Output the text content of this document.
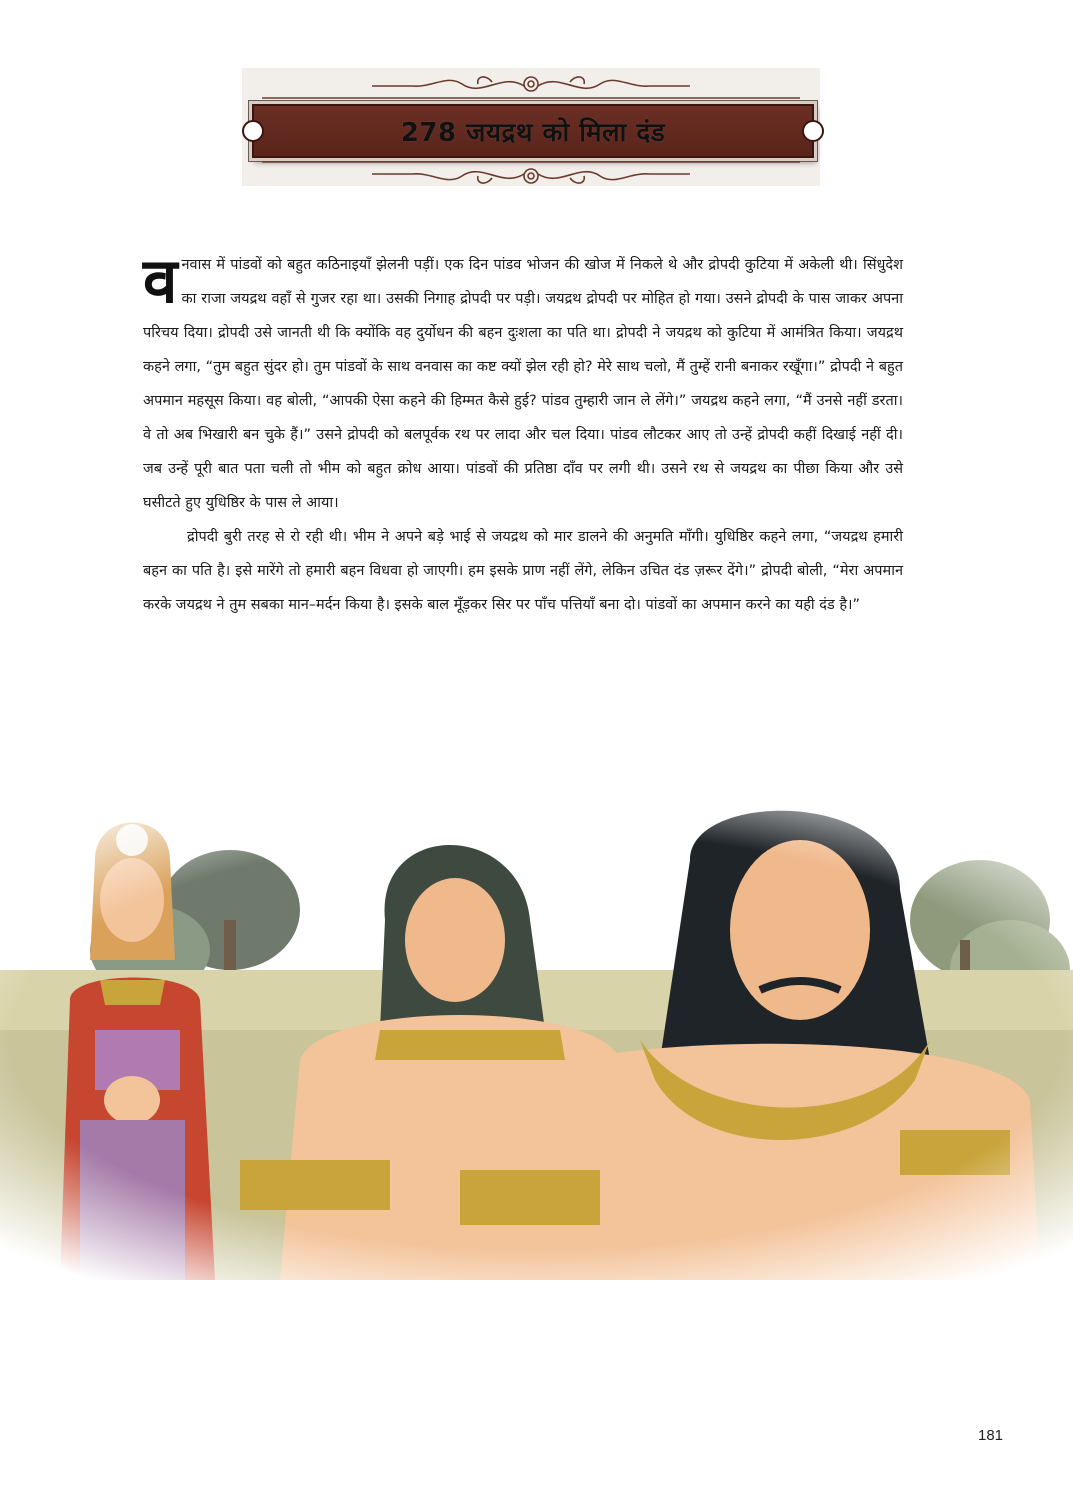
278 जयद्रथ को मिला दंड

वनवास में पांडवों को बहुत कठिनाइयाँ झेलनी पड़ीं। एक दिन पांडव भोजन की खोज में निकले थे और द्रोपदी कुटिया में अकेली थी। सिंधुदेश का राजा जयद्रथ वहाँ से गुजर रहा था। उसकी निगाह द्रोपदी पर पड़ी। जयद्रथ द्रोपदी पर मोहित हो गया। उसने द्रोपदी के पास जाकर अपना परिचय दिया। द्रोपदी उसे जानती थी कि क्योंकि वह दुर्योधन की बहन दुःशला का पति था। द्रोपदी ने जयद्रथ को कुटिया में आमंत्रित किया। जयद्रथ कहने लगा, “तुम बहुत सुंदर हो। तुम पांडवों के साथ वनवास का कष्ट क्यों झेल रही हो? मेरे साथ चलो, मैं तुम्हें रानी बनाकर रखूँगा।” द्रोपदी ने बहुत अपमान महसूस किया। वह बोली, “आपकी ऐसा कहने की हिम्मत कैसे हुई? पांडव तुम्हारी जान ले लेंगे।” जयद्रथ कहने लगा, “मैं उनसे नहीं डरता। वे तो अब भिखारी बन चुके हैं।” उसने द्रोपदी को बलपूर्वक रथ पर लादा और चल दिया। पांडव लौटकर आए तो उन्हें द्रोपदी कहीं दिखाई नहीं दी। जब उन्हें पूरी बात पता चली तो भीम को बहुत क्रोध आया। पांडवों की प्रतिष्ठा दाँव पर लगी थी। उसने रथ से जयद्रथ का पीछा किया और उसे घसीटते हुए युधिष्ठिर के पास ले आया।

द्रोपदी बुरी तरह से रो रही थी। भीम ने अपने बड़े भाई से जयद्रथ को मार डालने की अनुमति माँगी। युधिष्ठिर कहने लगा, “जयद्रथ हमारी बहन का पति है। इसे मारेंगे तो हमारी बहन विधवा हो जाएगी। हम इसके प्राण नहीं लेंगे, लेकिन उचित दंड ज़रूर देंगे।” द्रोपदी बोली, “मेरा अपमान करके जयद्रथ ने तुम सबका मान–मर्दन किया है। इसके बाल मूँड़कर सिर पर पाँच पत्तियाँ बना दो। पांडवों का अपमान करने का यही दंड है।”

181
